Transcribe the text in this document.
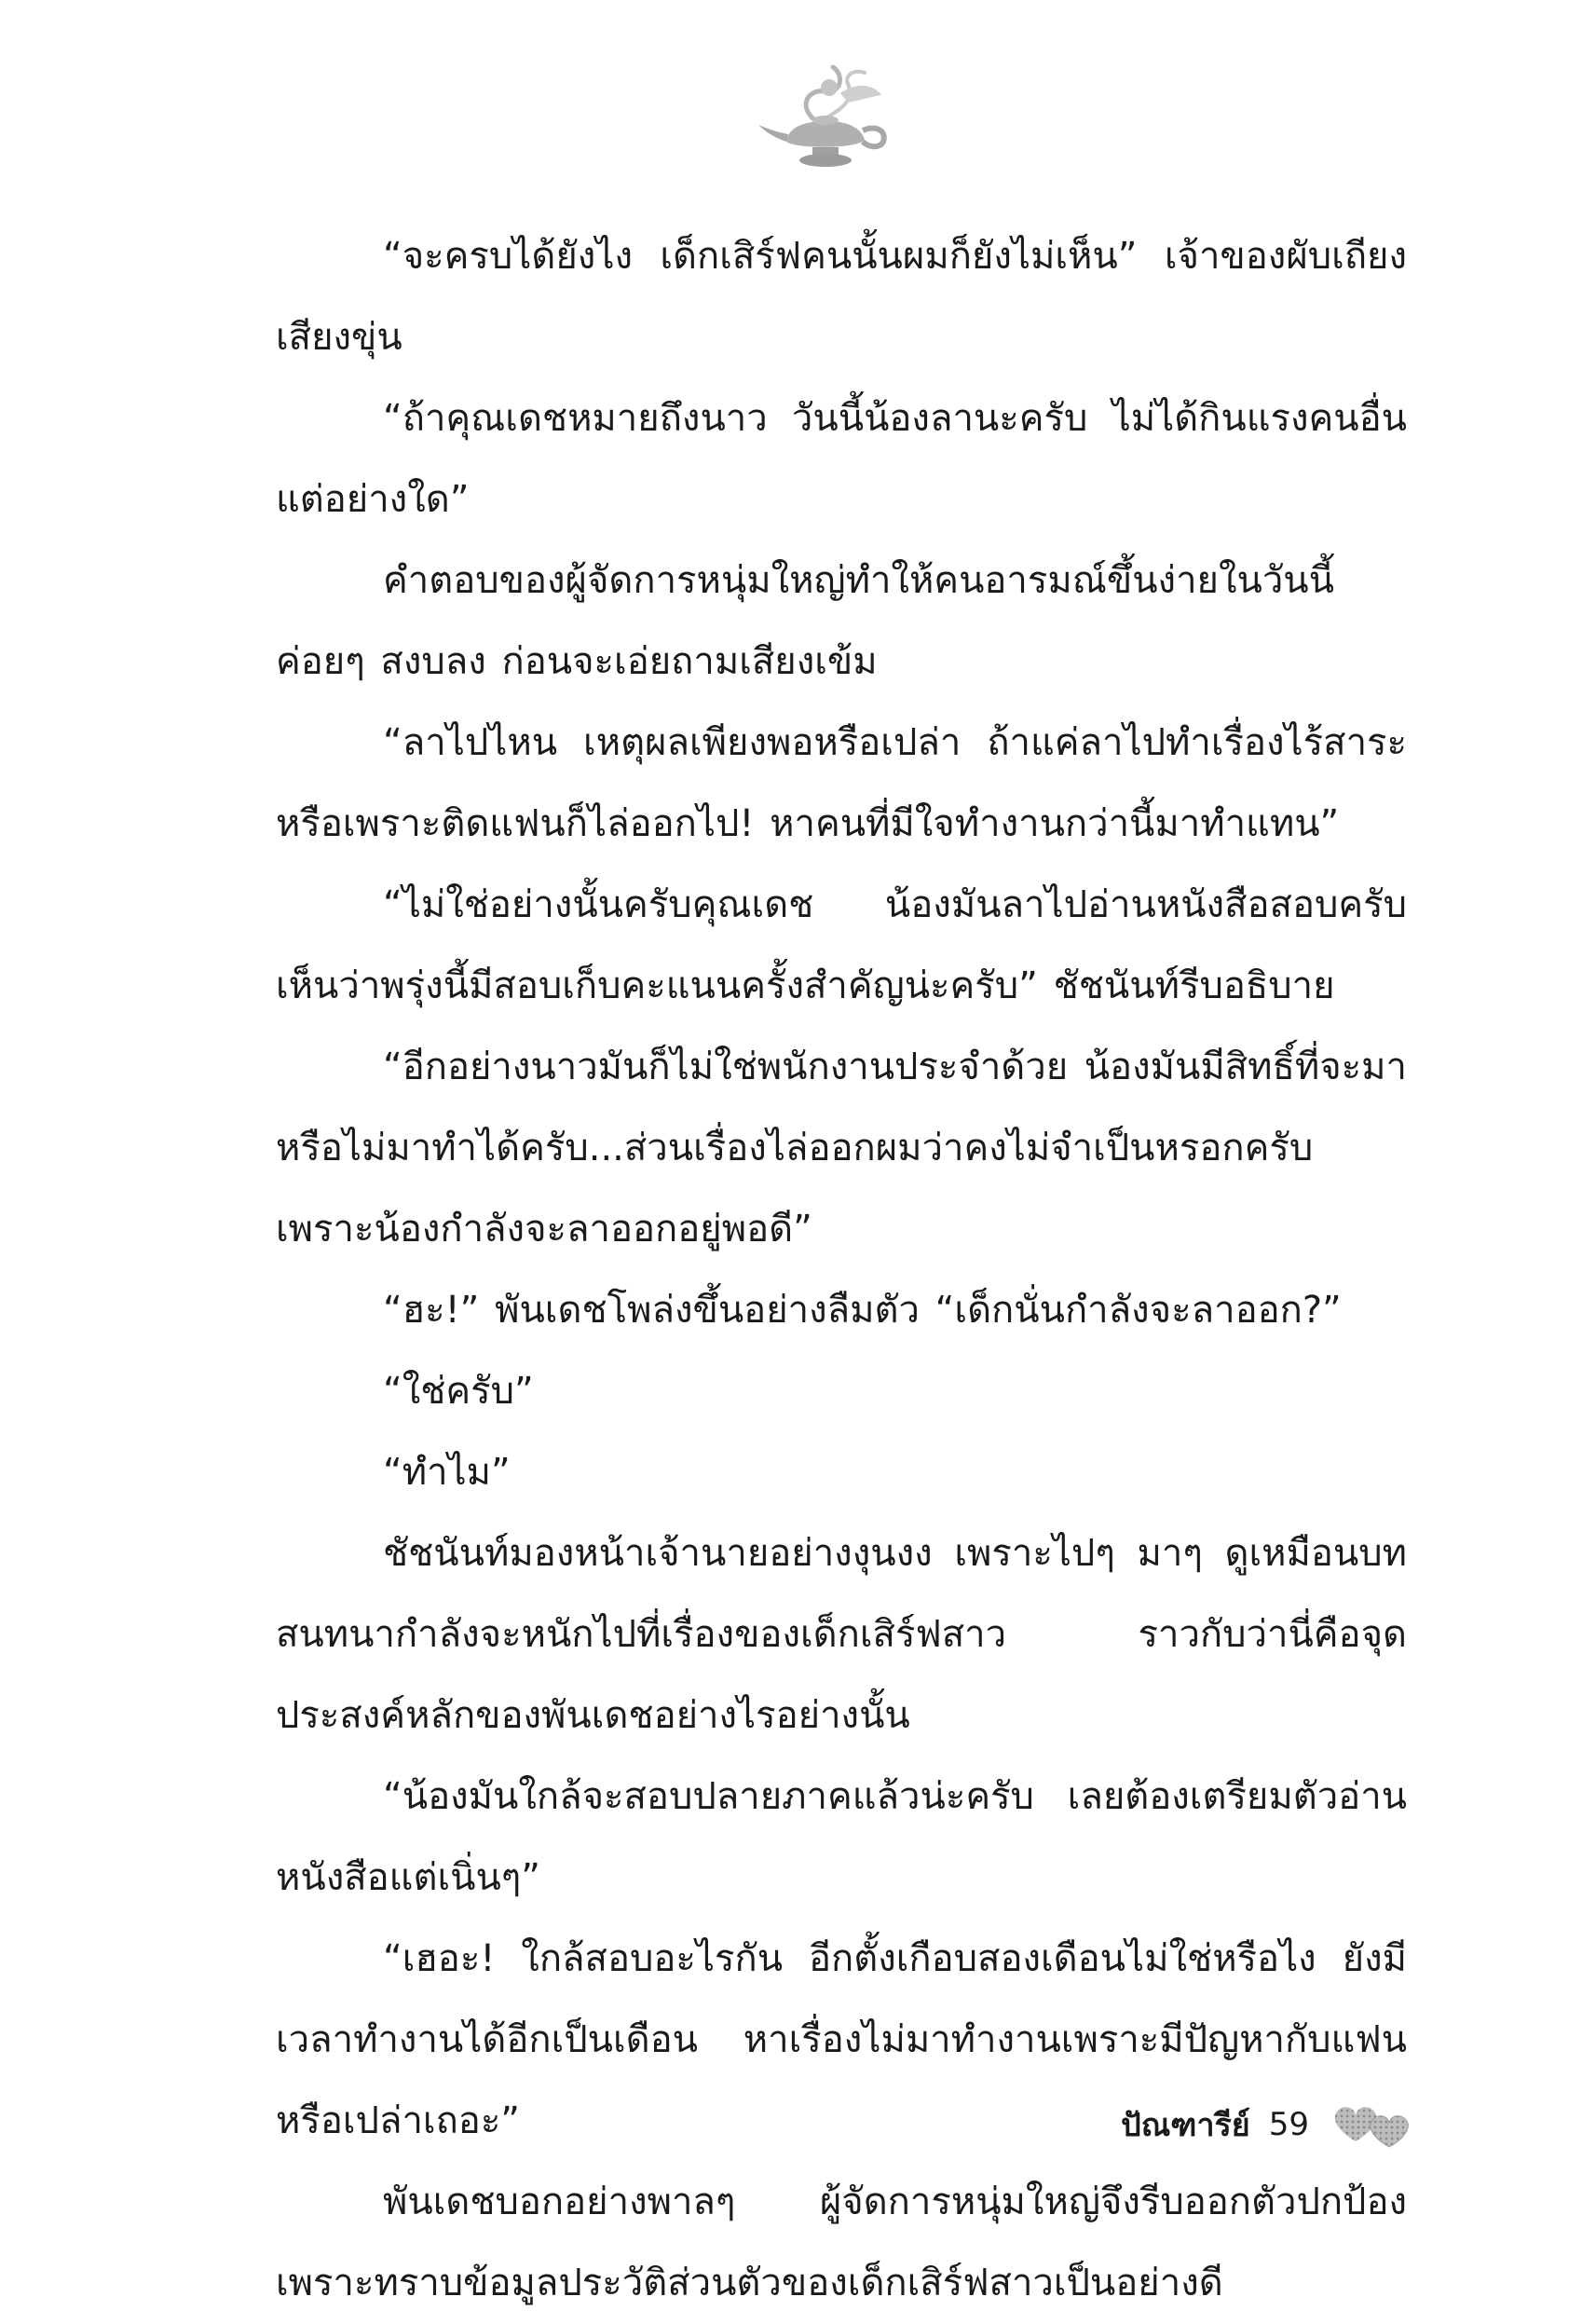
“จะครบได้ยังไง เด็กเสิร์ฟคนนั้นผมก็ยังไม่เห็น” เจ้าของผับเถียงเสียงขุ่น

“ถ้าคุณเดชหมายถึงนาว วันนี้น้องลานะครับ ไม่ได้กินแรงคนอื่นแต่อย่างใด”

คำตอบของผู้จัดการหนุ่มใหญ่ทำให้คนอารมณ์ขึ้นง่ายในวันนี้ค่อยๆ สงบลง ก่อนจะเอ่ยถามเสียงเข้ม

“ลาไปไหน เหตุผลเพียงพอหรือเปล่า ถ้าแค่ลาไปทำเรื่องไร้สาระหรือเพราะติดแฟนก็ไล่ออกไป! หาคนที่มีใจทำงานกว่านี้มาทำแทน”

“ไม่ใช่อย่างนั้นครับคุณเดช น้องมันลาไปอ่านหนังสือสอบครับ เห็นว่าพรุ่งนี้มีสอบเก็บคะแนนครั้งสำคัญน่ะครับ” ชัชนันท์รีบอธิบาย

“อีกอย่างนาวมันก็ไม่ใช่พนักงานประจำด้วย น้องมันมีสิทธิ์ที่จะมาหรือไม่มาทำได้ครับ...ส่วนเรื่องไล่ออกผมว่าคงไม่จำเป็นหรอกครับ เพราะน้องกำลังจะลาออกอยู่พอดี”

“ฮะ!” พันเดชโพล่งขึ้นอย่างลืมตัว “เด็กนั่นกำลังจะลาออก?”

“ใช่ครับ”

“ทำไม”

ชัชนันท์มองหน้าเจ้านายอย่างงุนงง เพราะไปๆ มาๆ ดูเหมือนบทสนทนากำลังจะหนักไปที่เรื่องของเด็กเสิร์ฟสาว ราวกับว่านี่คือจุดประสงค์หลักของพันเดชอย่างไรอย่างนั้น

“น้องมันใกล้จะสอบปลายภาคแล้วน่ะครับ เลยต้องเตรียมตัวอ่านหนังสือแต่เนิ่นๆ”

“เฮอะ! ใกล้สอบอะไรกัน อีกตั้งเกือบสองเดือนไม่ใช่หรือไง ยังมีเวลาทำงานได้อีกเป็นเดือน หาเรื่องไม่มาทำงานเพราะมีปัญหากับแฟนหรือเปล่าเถอะ”

พันเดชบอกอย่างพาลๆ ผู้จัดการหนุ่มใหญ่จึงรีบออกตัวปกป้องเพราะทราบข้อมูลประวัติส่วนตัวของเด็กเสิร์ฟสาวเป็นอย่างดี

ปัณฑารีย์ 59
